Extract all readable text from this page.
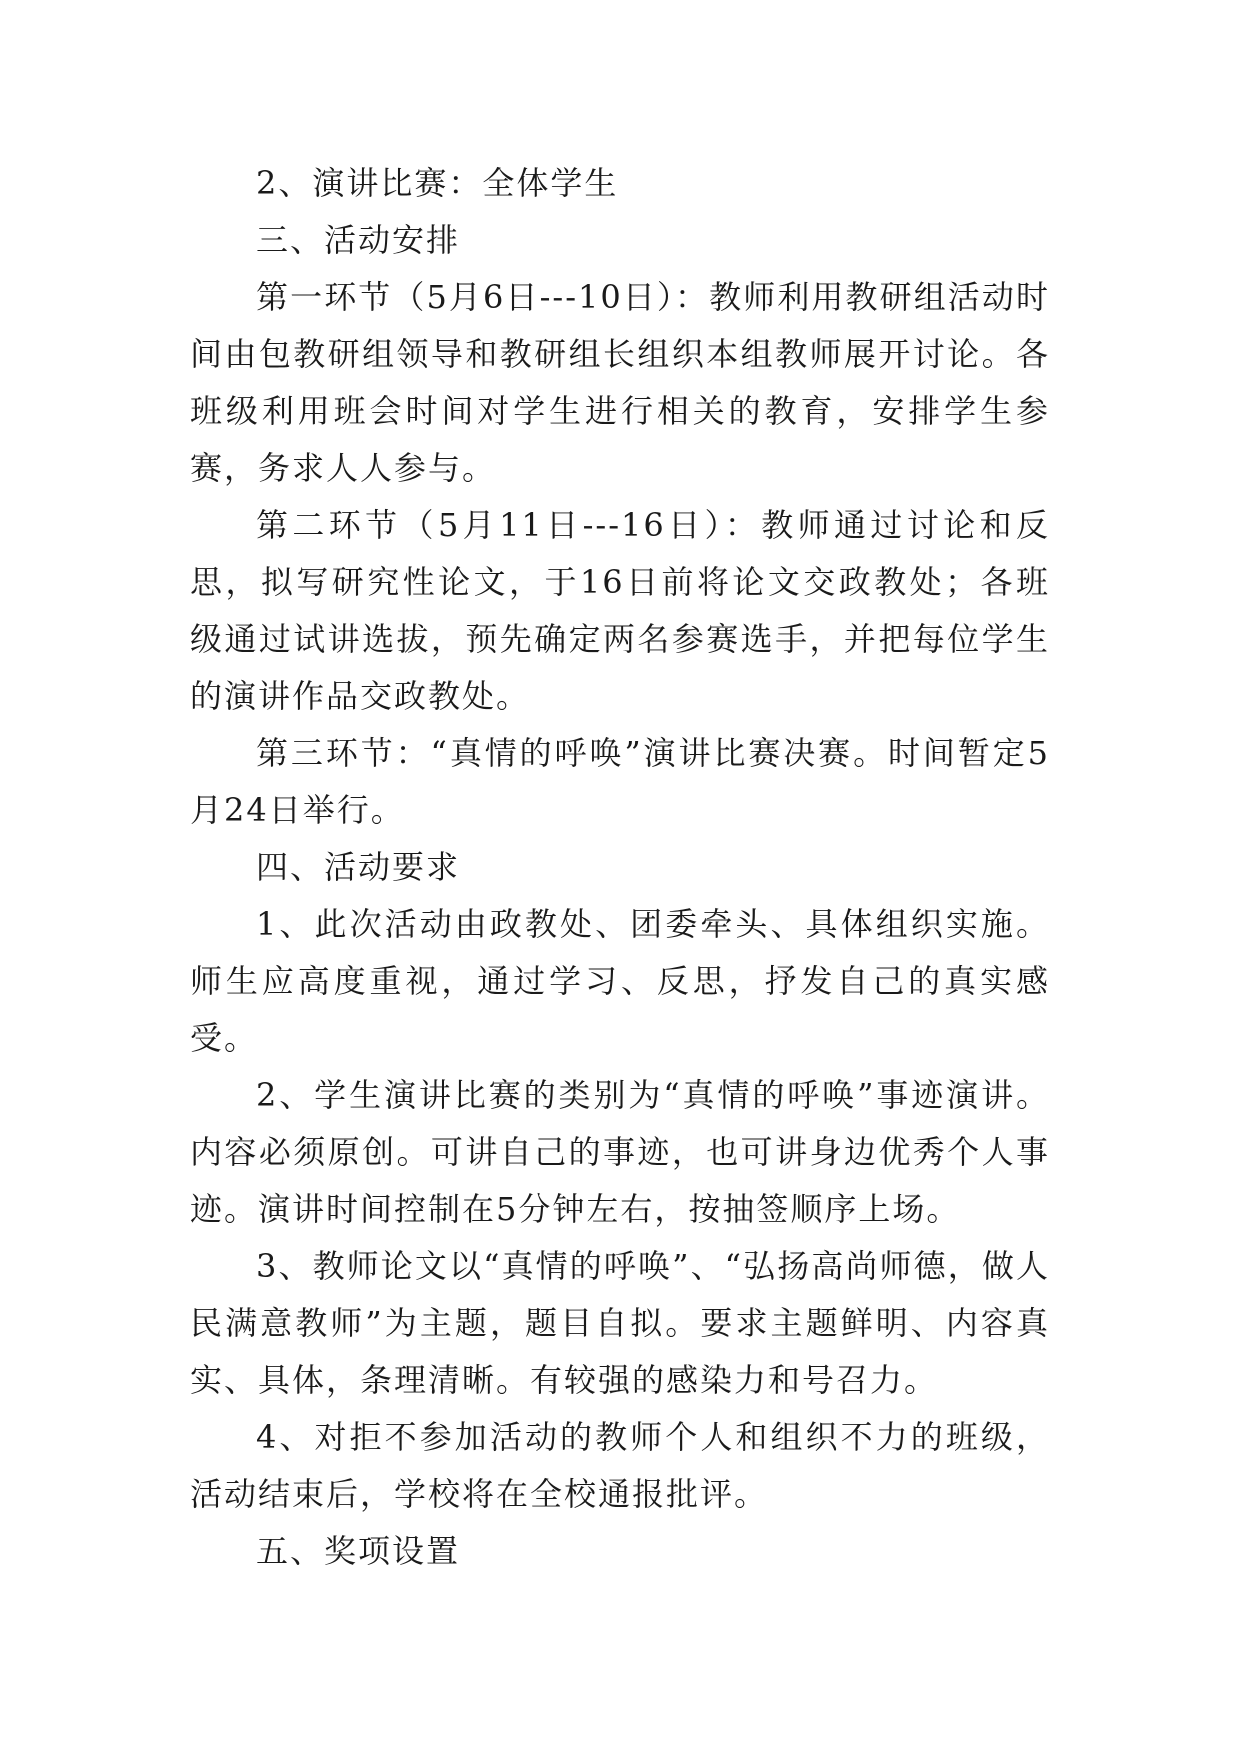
2、演讲比赛：全体学生

三、活动安排

第一环节（5月6日---10日）：教师利用教研组活动时间由包教研组领导和教研组长组织本组教师展开讨论。各班级利用班会时间对学生进行相关的教育，安排学生参赛，务求人人参与。

第二环节（5月11日---16日）：教师通过讨论和反思，拟写研究性论文，于16日前将论文交政教处；各班级通过试讲选拔，预先确定两名参赛选手，并把每位学生的演讲作品交政教处。

第三环节：“真情的呼唤”演讲比赛决赛。时间暂定5月24日举行。

四、活动要求

1、此次活动由政教处、团委牵头、具体组织实施。师生应高度重视，通过学习、反思，抒发自己的真实感受。

2、学生演讲比赛的类别为“真情的呼唤”事迹演讲。内容必须原创。可讲自己的事迹，也可讲身边优秀个人事迹。演讲时间控制在5分钟左右，按抽签顺序上场。

3、教师论文以“真情的呼唤”、“弘扬高尚师德，做人民满意教师”为主题，题目自拟。要求主题鲜明、内容真实、具体，条理清晰。有较强的感染力和号召力。

4、对拒不参加活动的教师个人和组织不力的班级，活动结束后，学校将在全校通报批评。

五、奖项设置
